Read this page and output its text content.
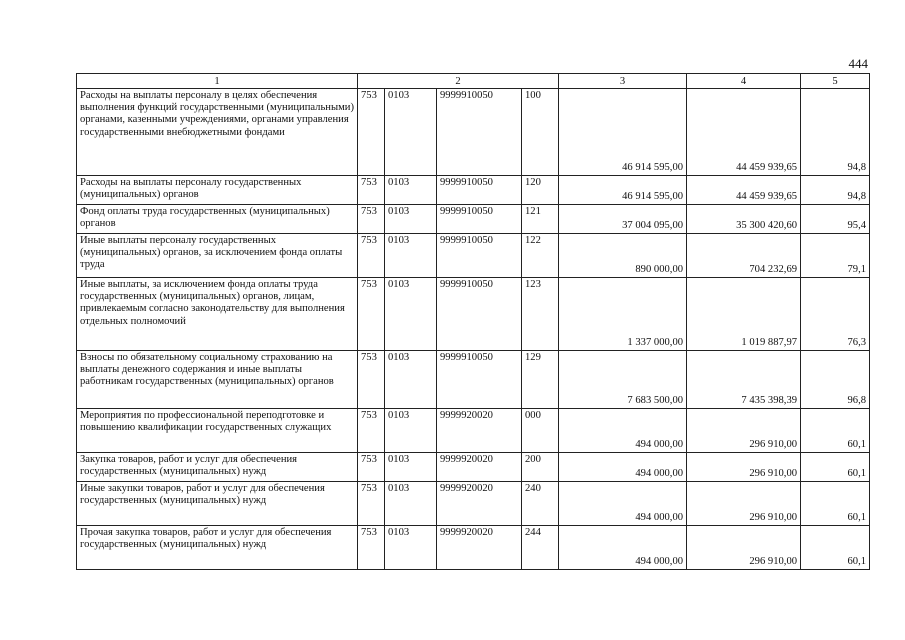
444
1	2				3	4	5
Расходы на выплаты персоналу в целях обеспечения выполнения функций государственными (муниципальными) органами, казенными учреждениями, органами управления государственными внебюджетными фондами	753	0103	9999910050	100	46 914 595,00	44 459 939,65	94,8
Расходы на выплаты персоналу государственных (муниципальных) органов	753	0103	9999910050	120	46 914 595,00	44 459 939,65	94,8
Фонд оплаты труда государственных (муниципальных) органов	753	0103	9999910050	121	37 004 095,00	35 300 420,60	95,4
Иные выплаты персоналу государственных (муниципальных) органов, за исключением фонда оплаты труда	753	0103	9999910050	122	890 000,00	704 232,69	79,1
Иные выплаты, за исключением фонда оплаты труда государственных (муниципальных) органов, лицам, привлекаемым согласно законодательству для выполнения отдельных полномочий	753	0103	9999910050	123	1 337 000,00	1 019 887,97	76,3
Взносы по обязательному социальному страхованию на выплаты денежного содержания и иные выплаты работникам государственных (муниципальных) органов	753	0103	9999910050	129	7 683 500,00	7 435 398,39	96,8
Мероприятия по профессиональной переподготовке и повышению квалификации государственных служащих	753	0103	9999920020	000	494 000,00	296 910,00	60,1
Закупка товаров, работ и услуг для обеспечения государственных (муниципальных) нужд	753	0103	9999920020	200	494 000,00	296 910,00	60,1
Иные закупки товаров, работ и услуг для обеспечения государственных (муниципальных) нужд	753	0103	9999920020	240	494 000,00	296 910,00	60,1
Прочая закупка товаров, работ и услуг для обеспечения государственных (муниципальных) нужд	753	0103	9999920020	244	494 000,00	296 910,00	60,1
